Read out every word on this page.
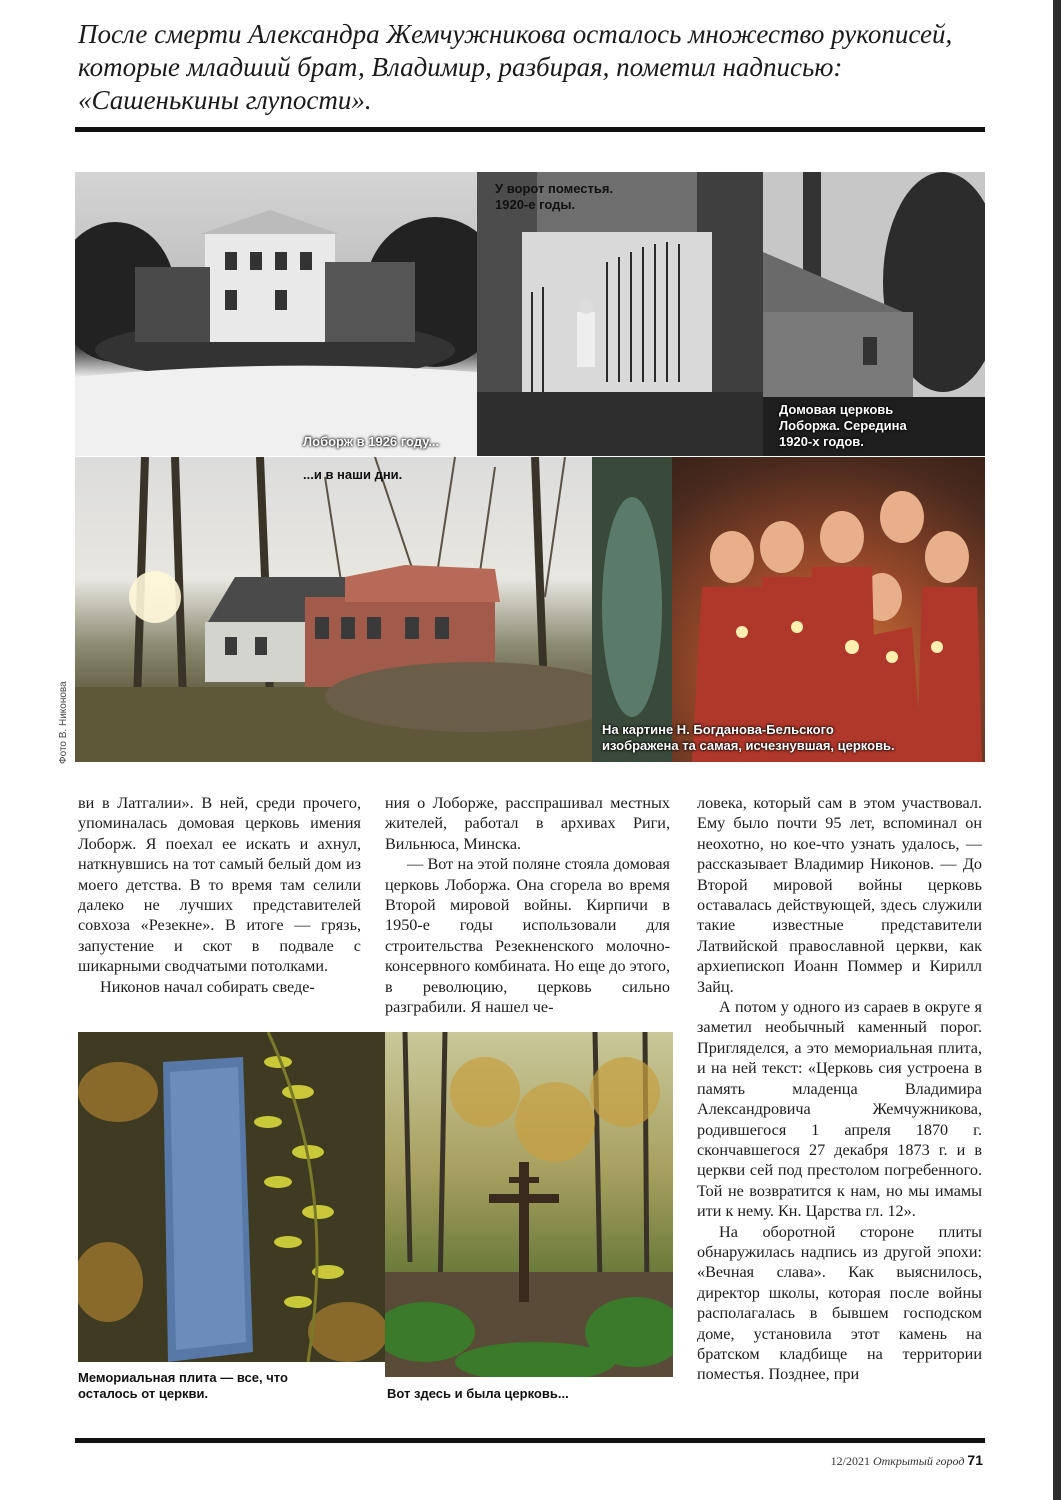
После смерти Александра Жемчужникова осталось множество рукописей, которые младший брат, Владимир, разбирая, пометил надписью: «Сашенькины глупости».

Лоборж в 1926 году...
У ворот поместья.
1920-е годы.
Домовая церковь
Лоборжа. Середина
1920-х годов.
...и в наши дни.
На картине Н. Богданова-Бельского
изображена та самая, исчезнувшая, церковь.
Фото В. Никонова

ви в Латгалии». В ней, среди прочего, упоминалась домовая церковь имения Лоборж. Я поехал ее искать и ахнул, наткнувшись на тот самый белый дом из моего детства. В то время там селили далеко не лучших представителей совхоза «Резекне». В итоге — грязь, запустение и скот в подвале с шикарными сводчатыми потолками.

Никонов начал собирать сведе-

ния о Лоборже, расспрашивал местных жителей, работал в архивах Риги, Вильнюса, Минска.

— Вот на этой поляне стояла домовая церковь Лоборжа. Она сгорела во время Второй мировой войны. Кирпичи в 1950-е годы использовали для строительства Резекненского молочно-консервного комбината. Но еще до этого, в революцию, церковь сильно разграбили. Я нашел че-

ловека, который сам в этом участвовал. Ему было почти 95 лет, вспоминал он неохотно, но кое-что узнать удалось, — рассказывает Владимир Никонов. — До Второй мировой войны церковь оставалась действующей, здесь служили такие известные представители Латвийской православной церкви, как архиепископ Иоанн Поммер и Кирилл Зайц.

А потом у одного из сараев в округе я заметил необычный каменный порог. Пригляделся, а это мемориальная плита, и на ней текст: «Церковь сия устроена в память младенца Владимира Александровича Жемчужникова, родившегося 1 апреля 1870 г. скончавшегося 27 декабря 1873 г. и в церкви сей под престолом погребенного. Той не возвратится к нам, но мы имамы ити к нему. Кн. Царства гл. 12».

На оборотной стороне плиты обнаружилась надпись из другой эпохи: «Вечная слава». Как выяснилось, директор школы, которая после войны располагалась в бывшем господском доме, установила этот камень на братском кладбище на территории поместья. Позднее, при

Мемориальная плита — все, что
осталось от церкви.	Вот здесь и была церковь...
12/2021 Открытый город 71
